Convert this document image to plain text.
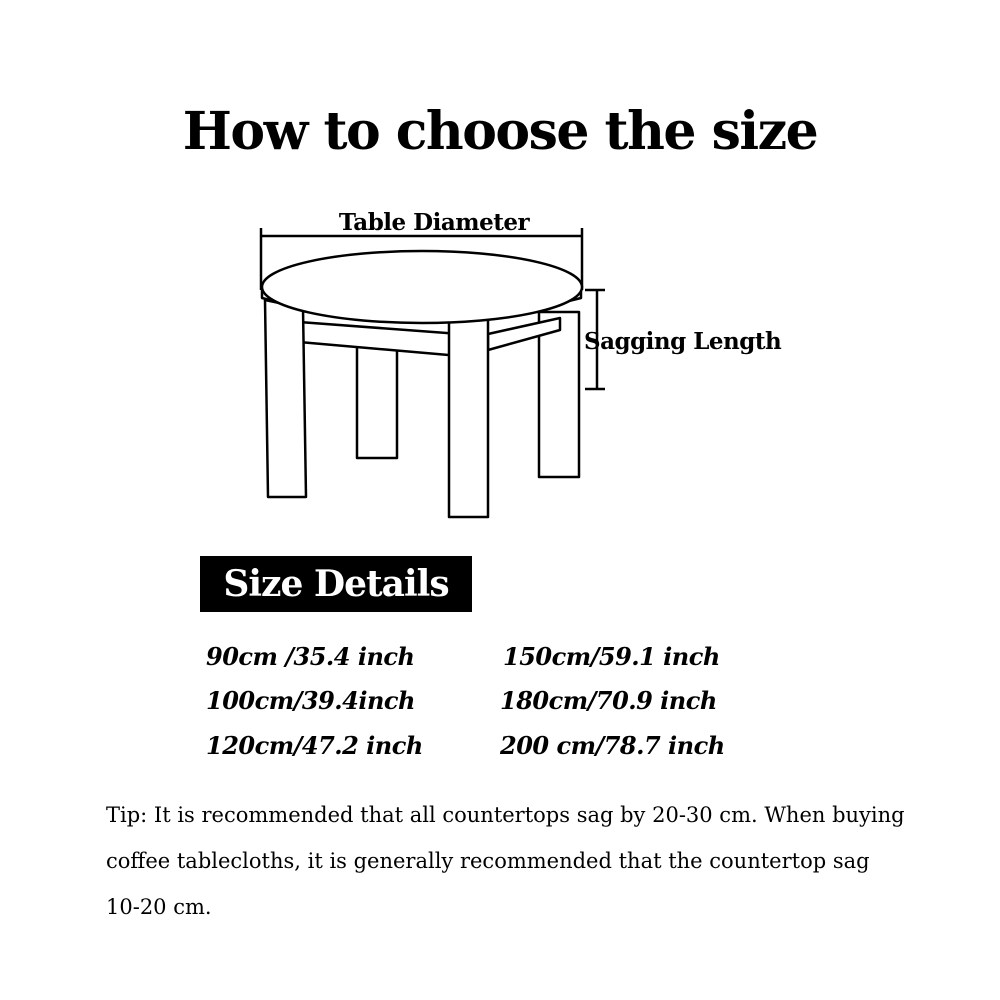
How to choose the size
Table Diameter
Sagging Length
Size Details
90cm /35.4 inch	150cm/59.1 inch
100cm/39.4inch	180cm/70.9 inch
120cm/47.2 inch	200 cm/78.7 inch

Tip: It is recommended that all countertops sag by 20-30 cm. When buying coffee tablecloths, it is generally recommended that the countertop sag 10-20 cm.
